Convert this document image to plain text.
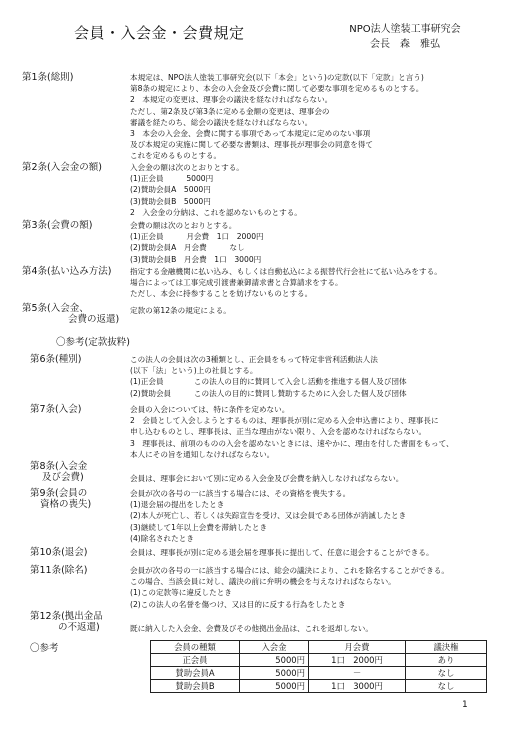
会員・入会金・会費規定	NPO法人塗装工事研究会
会長　森　雅弘
第1条(総則)	本規定は、NPO法人塗装工事研究会(以下「本会」という)の定款(以下「定款」と言う)
第8条の規定により、本会の入会金及び会費に関して必要な事項を定めるものとする。
2　本規定の変更は、理事会の議決を経なければならない。
ただし、第2条及び第3条に定める金額の変更は、理事会の
審議を経たのち、総会の議決を経なければならない。
3　本会の入会金、会費に関する事項であって本規定に定めのない事項
及び本規定の実施に関して必要な書類は、理事長が理事会の同意を得て
これを定めるものとする。
第2条(入会金の額)	入会金の額は次のとおりとする。
(1)正会員　　　5000円
(2)賛助会員A　5000円
(3)賛助会員B　5000円
2　入会金の分納は、これを認めないものとする。
第3条(会費の額)	会費の額は次のとおりとする。
(1)正会員　　　月会費　1口　2000円
(2)賛助会員A　月会費　　　なし
(3)賛助会員B　月会費　1口　3000円
第4条(払い込み方法) 指定する金融機関に払い込み、もしくは自動払込による振替代行会社にて払い込みをする。
場合によっては工事完成引渡書兼御請求書と合算請求をする。
ただし、本会に持参することを妨げないものとする。
第5条(入会金、
会費の返還)
定款の第12条の規定による。
〇参考(定款抜粋)
第6条(種別)	この法人の会員は次の3種類とし、正会員をもって特定非営利活動法人法
(以下「法」という)上の社員とする。
(1)正会員　　　　この法人の目的に賛同して入会し活動を推進する個人及び団体
(2)賛助会員　　　この法人の目的に賛同し賛助するために入会した個人及び団体
第7条(入会)	会員の入会については、特に条件を定めない。
2　会員として入会しようとするものは、理事長が別に定める入会申込書により、理事長に
申し込むものとし、理事長は、正当な理由がない限り、入会を認めなければならない。
3　理事長は、前項のものの入会を認めないときには、速やかに、理由を付した書面をもって、
本人にその旨を通知しなければならない。
第8条(入会金
及び会費)	会員は、理事会において別に定める入会金及び会費を納入しなければならない。
第9条(会員の
資格の喪失)
会員が次の各号の一に該当する場合には、その資格を喪失する。
(1)退会届の提出をしたとき
(2)本人が死亡し、若しくは失踪宣告を受け、又は会員である団体が消滅したとき
(3)継続して1年以上会費を滞納したとき
(4)除名されたとき
第10条(退会)	会員は、理事長が別に定める退会届を理事長に提出して、任意に退会することができる。
第11条(除名)	会員が次の各号の一に該当する場合には、総会の議決により、これを除名することができる。
この場合、当該会員に対し、議決の前に弁明の機会を与えなければならない。
(1)この定款等に違反したとき
(2)この法人の名誉を傷つけ、又は目的に反する行為をしたとき
第12条(拠出金品
の不返還)	既に納入した入会金、会費及びその他拠出金品は、これを返却しない。
〇参考	会員の種類	入会金	月会費	議決権
正会員	5000円	1口　2000円	あり
賛助会員A	5000円	－	なし
賛助会員B	5000円	1口　3000円	なし
1
